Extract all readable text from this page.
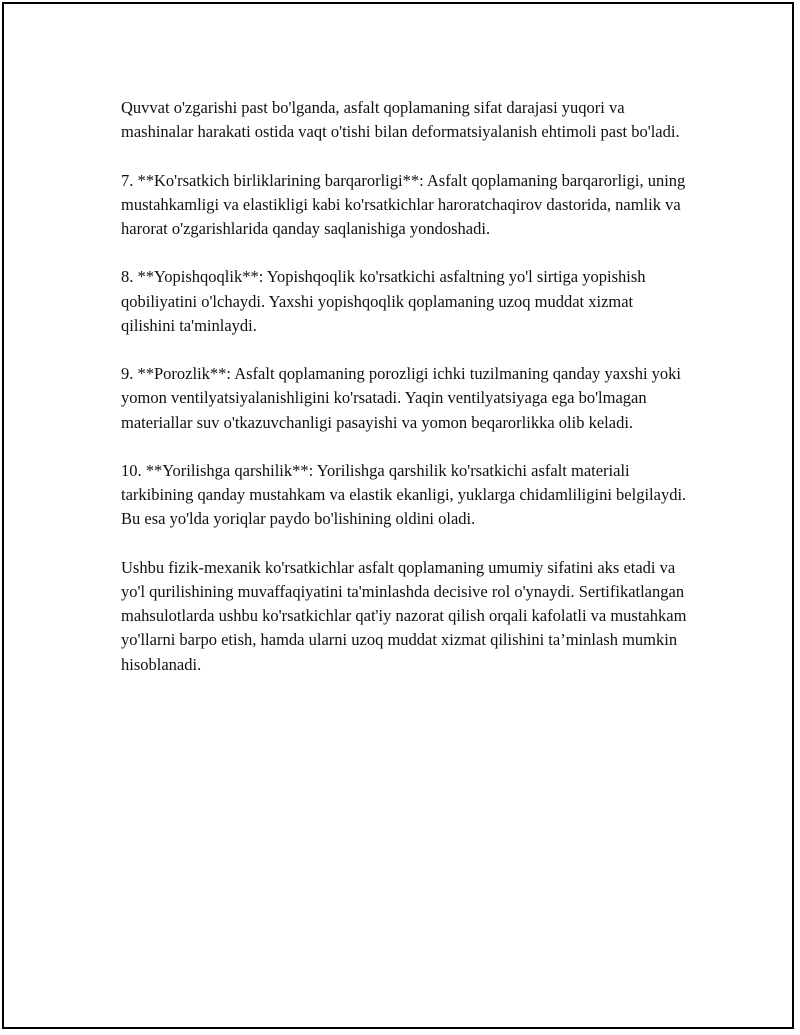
Quvvat o'zgarishi past bo'lganda, asfalt qoplamaning sifat darajasi yuqori va mashinalar harakati ostida vaqt o'tishi bilan deformatsiyalanish ehtimoli past bo'ladi.

7. **Ko'rsatkich birliklarining barqarorligi**: Asfalt qoplamaning barqarorligi, uning mustahkamligi va elastikligi kabi ko'rsatkichlar haroratchaqirov dastorida, namlik va harorat o'zgarishlarida qanday saqlanishiga yondoshadi.

8. **Yopishqoqlik**: Yopishqoqlik ko'rsatkichi asfaltning yo'l sirtiga yopishish qobiliyatini o'lchaydi. Yaxshi yopishqoqlik qoplamaning uzoq muddat xizmat qilishini ta'minlaydi.

9. **Porozlik**: Asfalt qoplamaning porozligi ichki tuzilmaning qanday yaxshi yoki yomon ventilyatsiyalanishligini ko'rsatadi. Yaqin ventilyatsiyaga ega bo'lmagan materiallar suv o'tkazuvchanligi pasayishi va yomon beqarorlikka olib keladi.

10. **Yorilishga qarshilik**: Yorilishga qarshilik ko'rsatkichi asfalt materiali tarkibining qanday mustahkam va elastik ekanligi, yuklarga chidamliligini belgilaydi. Bu esa yo'lda yoriqlar paydo bo'lishining oldini oladi.

Ushbu fizik-mexanik ko'rsatkichlar asfalt qoplamaning umumiy sifatini aks etadi va yo'l qurilishining muvaffaqiyatini ta'minlashda decisive rol o'ynaydi. Sertifikatlangan mahsulotlarda ushbu ko'rsatkichlar qat'iy nazorat qilish orqali kafolatli va mustahkam yo'llarni barpo etish, hamda ularni uzoq muddat xizmat qilishini ta’minlash mumkin hisoblanadi.
